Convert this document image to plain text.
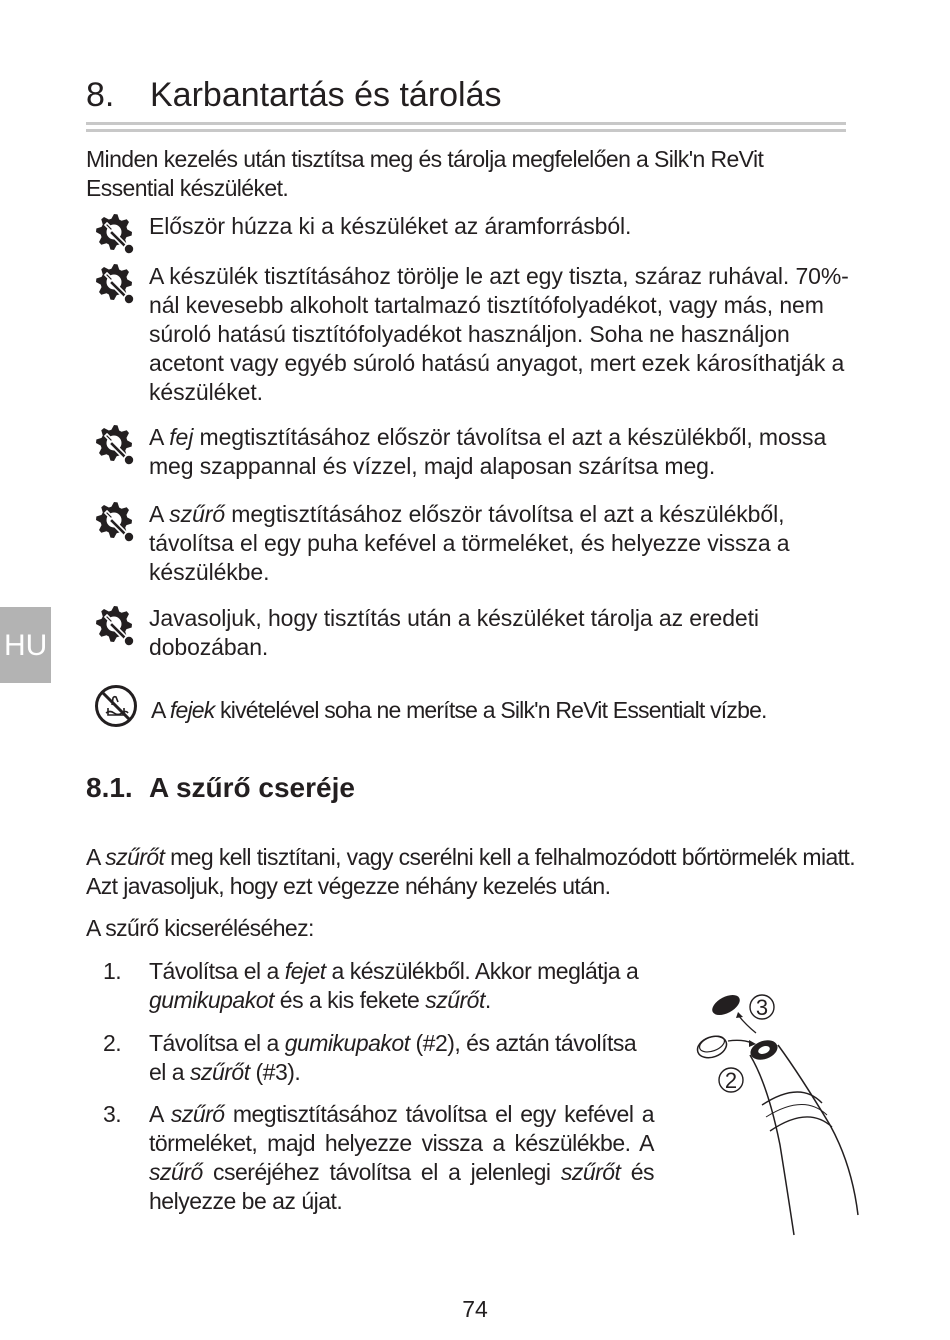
8. Karbantartás és tárolás
Minden kezelés után tisztítsa meg és tárolja megfelelően a Silk'n ReVit Essential készüléket.
Először húzza ki a készüléket az áramforrásból.
A készülék tisztításához törölje le azt egy tiszta, száraz ruhával. 70%-nál kevesebb alkoholt tartalmazó tisztítófolyadékot, vagy más, nem súroló hatású tisztítófolyadékot használjon. Soha ne használjon acetont vagy egyéb súroló hatású anyagot, mert ezek károsíthatják a készüléket.
A fej megtisztításához először távolítsa el azt a készülékből, mossa meg szappannal és vízzel, majd alaposan szárítsa meg.
A szűrő megtisztításához először távolítsa el azt a készülékből, távolítsa el egy puha kefével a törmeléket, és helyezze vissza a készülékbe.
Javasoljuk, hogy tisztítás után a készüléket tárolja az eredeti dobozában.
A fejek kivételével soha ne merítse a Silk'n ReVit Essentialt vízbe.
HU
8.1. A szűrő cseréje
A szűrőt meg kell tisztítani, vagy cserélni kell a felhalmozódott bőrtörmelék miatt. Azt javasoljuk, hogy ezt végezze néhány kezelés után.
A szűrő kicseréléséhez:
1. Távolítsa el a fejet a készülékből. Akkor meglátja a gumikupakot és a kis fekete szűrőt.
2. Távolítsa el a gumikupakot (#2), és aztán távolítsa el a szűrőt (#3).
3. A szűrő megtisztításához távolítsa el egy kefével a törmeléket, majd helyezze vissza a készülékbe. A szűrő cseréjéhez távolítsa el a jelenlegi szűrőt és helyezze be az újat.
3
2
74
